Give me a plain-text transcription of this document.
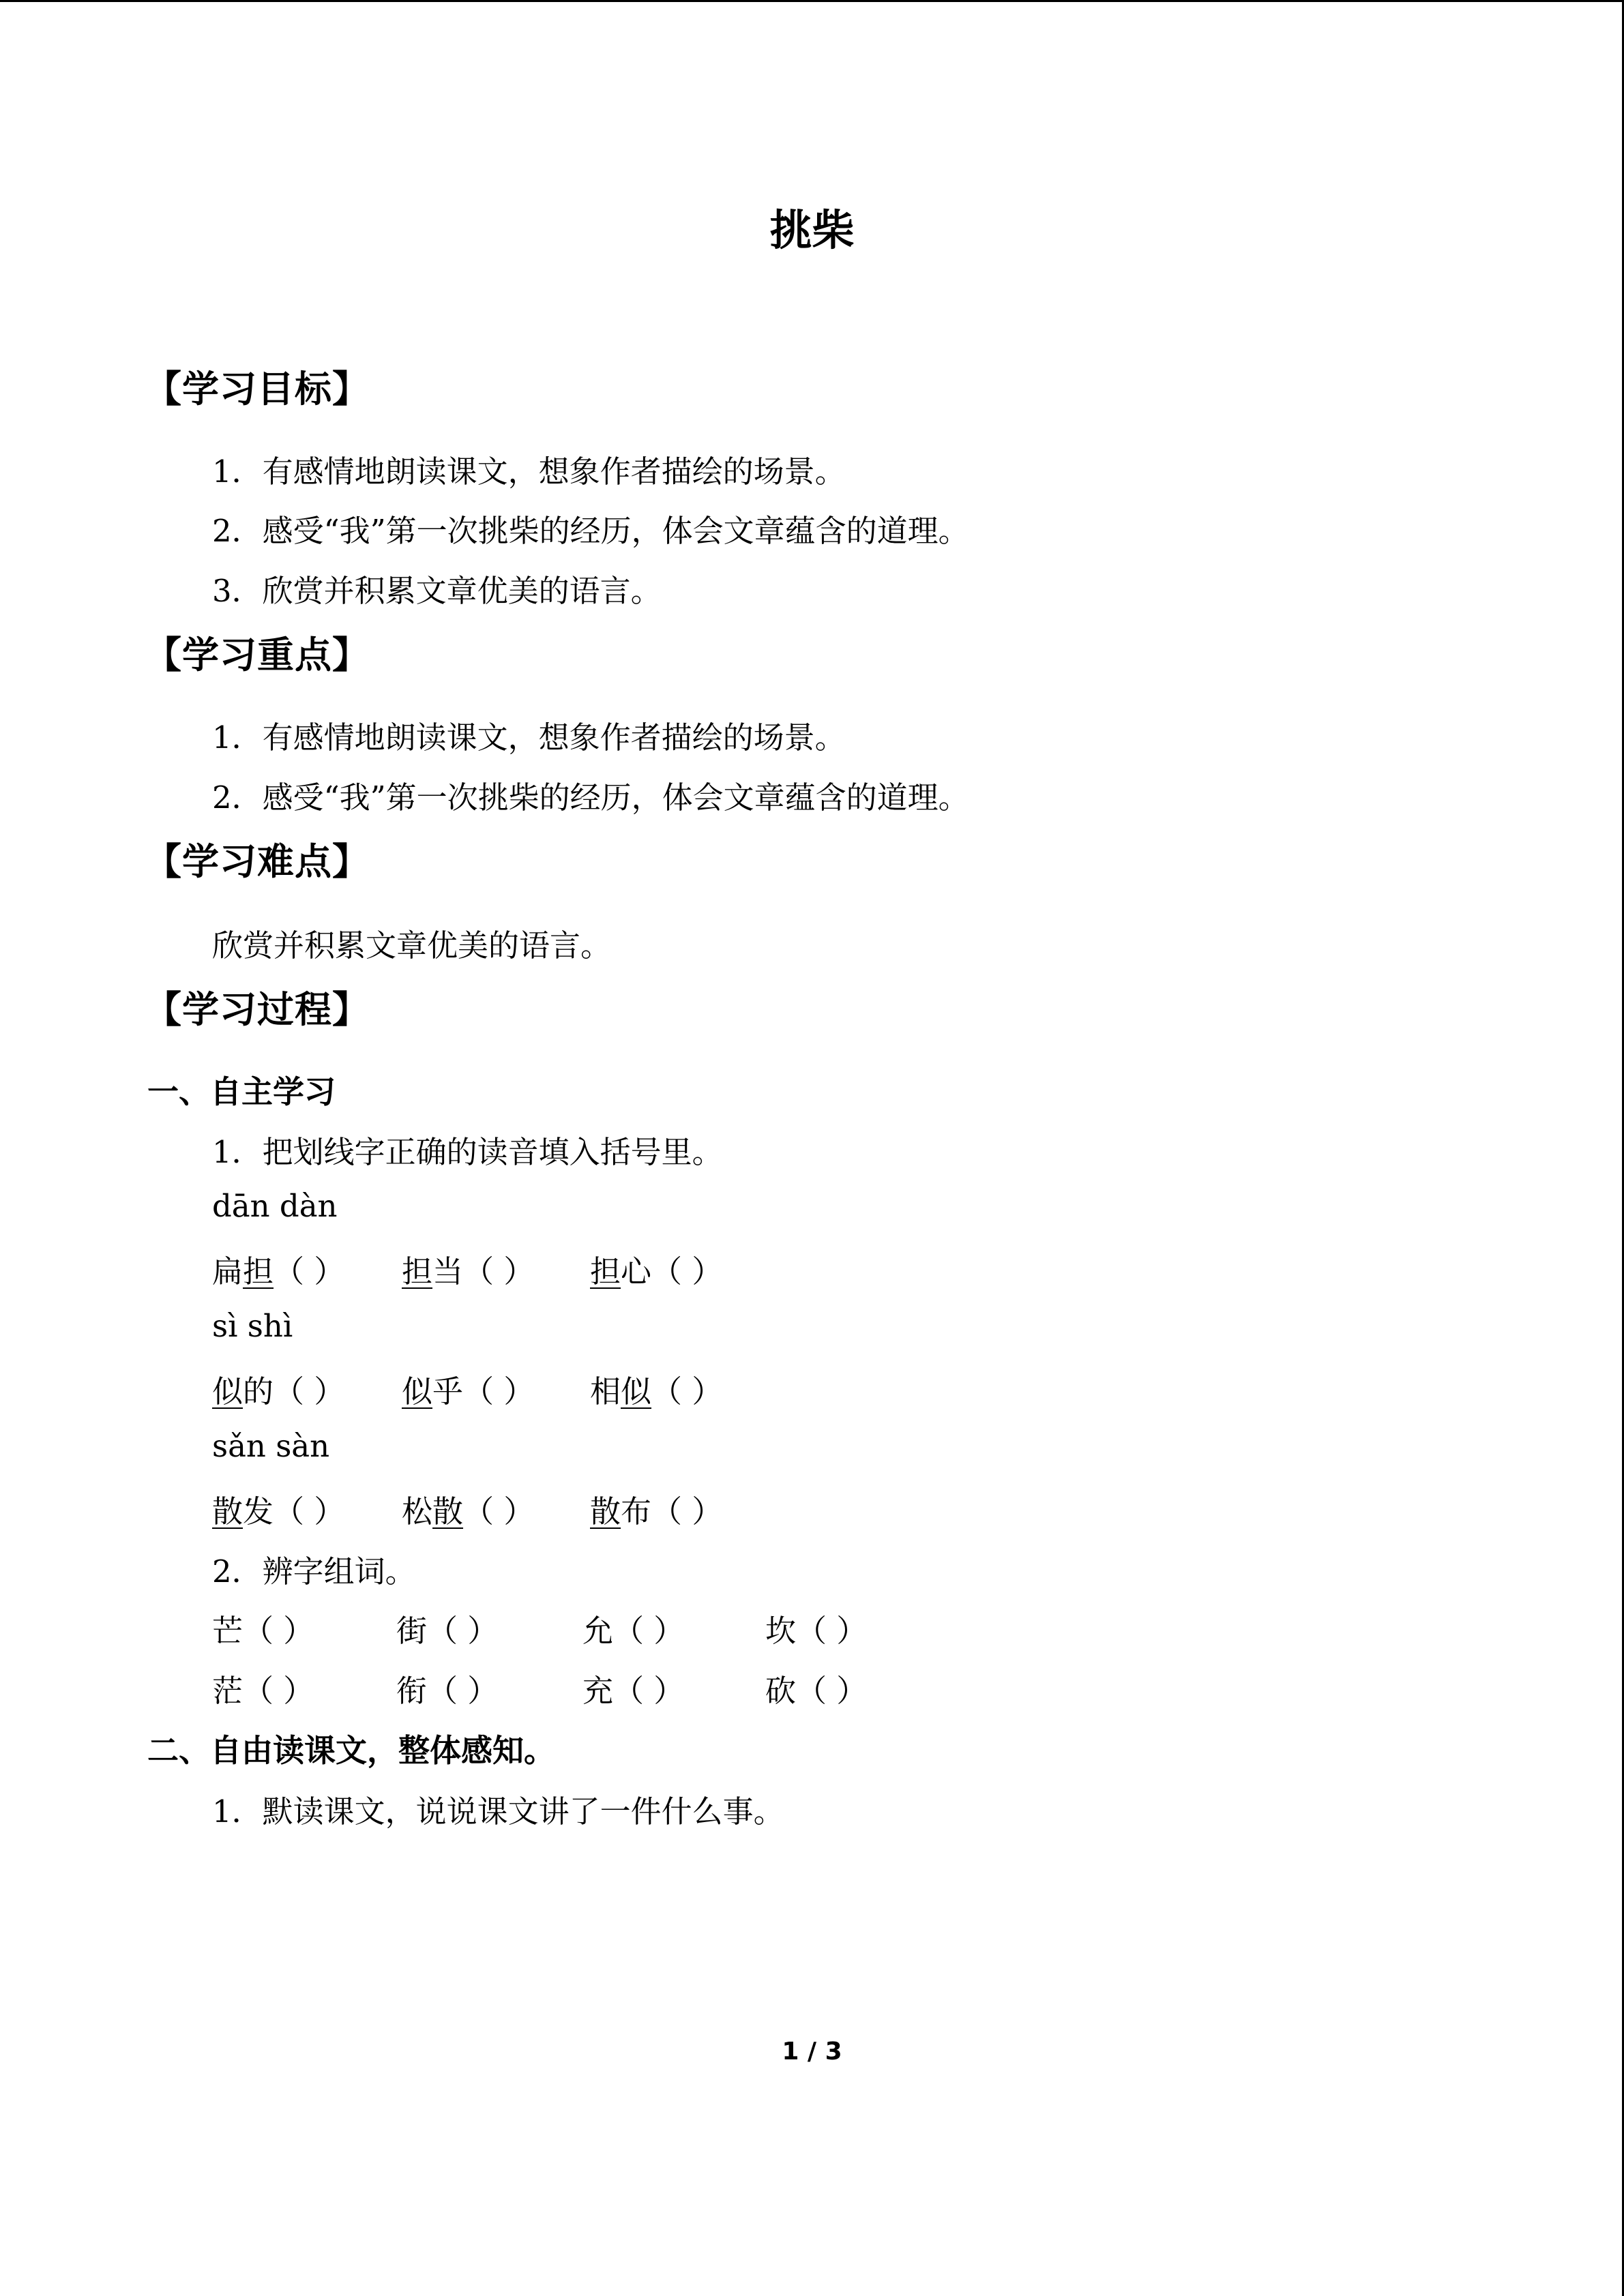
挑柴
【学习目标】
1．有感情地朗读课文，想象作者描绘的场景。
2．感受“我”第一次挑柴的经历，体会文章蕴含的道理。
3．欣赏并积累文章优美的语言。
【学习重点】
1．有感情地朗读课文，想象作者描绘的场景。
2．感受“我”第一次挑柴的经历，体会文章蕴含的道理。
【学习难点】
欣赏并积累文章优美的语言。
【学习过程】
一、自主学习
1．把划线字正确的读音填入括号里。
dān dàn
扁担（ ） 担当（ ） 担心（ ）
sì shì
似的（ ） 似乎（ ） 相似（ ）
sǎn sàn
散发（ ） 松散（ ） 散布（ ）
2．辨字组词。
芒（ ）	街（ ）	允（ ）	坎（ ）
茫（ ）	衔（ ）	充（ ）	砍（ ）
二、自由读课文，整体感知。
1．默读课文，说说课文讲了一件什么事。
1 / 3
